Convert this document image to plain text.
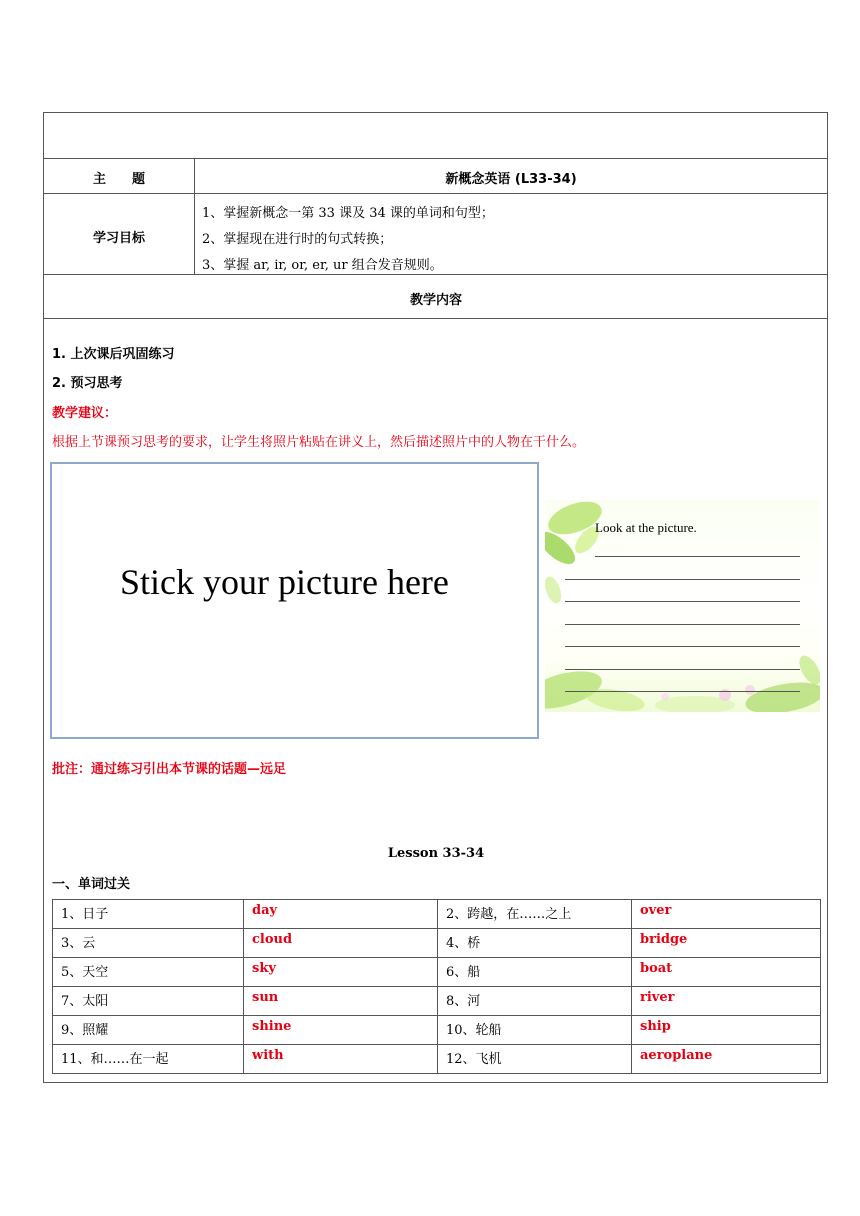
主　　题	新概念英语 (L33-34)
学习目标
1、掌握新概念一第 33 课及 34 课的单词和句型；
2、掌握现在进行时的句式转换；
3、掌握 ar, ir, or, er, ur 组合发音规则。
教学内容
1. 上次课后巩固练习
2. 预习思考
教学建议：
根据上节课预习思考的要求，让学生将照片粘贴在讲义上，然后描述照片中的人物在干什么。
Stick your picture here
Look at the picture.
批注：通过练习引出本节课的话题—远足
Lesson 33-34
一、单词过关
1、日子	day	2、跨越，在……之上	over
3、云	cloud	4、桥	bridge
5、天空	sky	6、船	boat
7、太阳	sun	8、河	river
9、照耀	shine	10、轮船	ship
11、和……在一起	with	12、飞机	aeroplane
